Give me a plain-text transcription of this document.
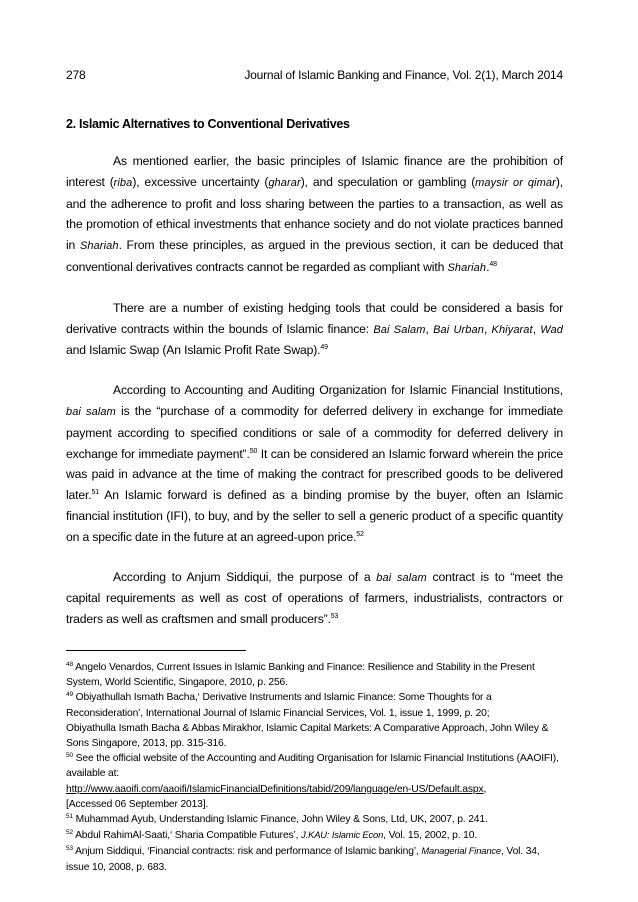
278	Journal of Islamic Banking and Finance, Vol. 2(1), March 2014
2. Islamic Alternatives to Conventional Derivatives

As mentioned earlier, the basic principles of Islamic finance are the prohibition of interest (riba), excessive uncertainty (gharar), and speculation or gambling (maysir or qimar), and the adherence to profit and loss sharing between the parties to a transaction, as well as the promotion of ethical investments that enhance society and do not violate practices banned in Shariah. From these principles, as argued in the previous section, it can be deduced that conventional derivatives contracts cannot be regarded as compliant with Shariah.$^{48}$

There are a number of existing hedging tools that could be considered a basis for derivative contracts within the bounds of Islamic finance: Bai Salam, Bai Urban, Khiyarat, Wad and Islamic Swap (An Islamic Profit Rate Swap).$^{49}$

According to Accounting and Auditing Organization for Islamic Financial Institutions, bai salam is the “purchase of a commodity for deferred delivery in exchange for immediate payment according to specified conditions or sale of a commodity for deferred delivery in exchange for immediate payment”.$^{50}$ It can be considered an Islamic forward wherein the price was paid in advance at the time of making the contract for prescribed goods to be delivered later.$^{51}$ An Islamic forward is defined as a binding promise by the buyer, often an Islamic financial institution (IFI), to buy, and by the seller to sell a generic product of a specific quantity on a specific date in the future at an agreed-upon price.$^{52}$

According to Anjum Siddiqui, the purpose of a bai salam contract is to “meet the capital requirements as well as cost of operations of farmers, industrialists, contractors or traders as well as craftsmen and small producers”.$^{53}$

$^{48}$ Angelo Venardos, Current Issues in Islamic Banking and Finance: Resilience and Stability in the Present System, World Scientific, Singapore, 2010, p. 256.

$^{49}$ Obiyathullah Ismath Bacha,‘ Derivative Instruments and Islamic Finance: Some Thoughts for a Reconsideration’, International Journal of Islamic Financial Services, Vol. 1, issue 1, 1999, p. 20;

Obiyathulla Ismath Bacha & Abbas Mirakhor, Islamic Capital Markets: A Comparative Approach, John Wiley & Sons Singapore, 2013, pp. 315-316.

$^{50}$ See the official website of the Accounting and Auditing Organisation for Islamic Financial Institutions (AAOIFI), available at:
http://www.aaoifi.com/aaoifi/IslamicFinancialDefinitions/tabid/209/language/en-US/Default.aspx,
[Accessed 06 September 2013].

$^{51}$ Muhammad Ayub, Understanding Islamic Finance, John Wiley & Sons, Ltd, UK, 2007, p. 241.

$^{52}$ Abdul RahimAl-Saati,‘ Sharia Compatible Futures’, J.KAU: Islamic Econ, Vol. 15, 2002, p. 10.

$^{53}$ Anjum Siddiqui, ‘Financial contracts: risk and performance of Islamic banking’, Managerial Finance, Vol. 34, issue 10, 2008, p. 683.
